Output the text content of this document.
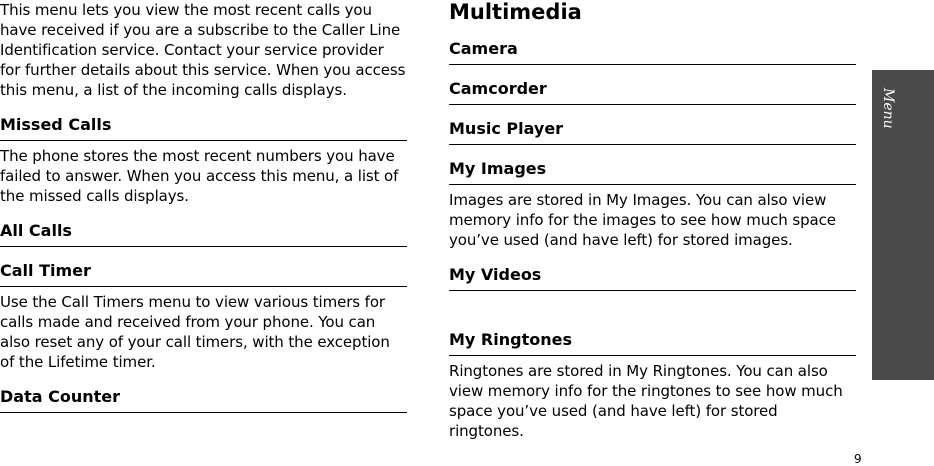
This menu lets you view the most recent calls you have received if you are a subscribe to the Caller Line Identification service. Contact your service provider for further details about this service. When you access this menu, a list of the incoming calls displays.

Missed Calls

The phone stores the most recent numbers you have failed to answer. When you access this menu, a list of the missed calls displays.

All Calls
Call Timer

Use the Call Timers menu to view various timers for calls made and received from your phone. You can also reset any of your call timers, with the exception of the Lifetime timer.

Data Counter
Multimedia
Camera
Camcorder
Music Player
My Images

Images are stored in My Images. You can also view memory info for the images to see how much space you’ve used (and have left) for stored images.

My Videos
My Ringtones

Ringtones are stored in My Ringtones. You can also view memory info for the ringtones to see how much space you’ve used (and have left) for stored ringtones.

Menu functions
9
